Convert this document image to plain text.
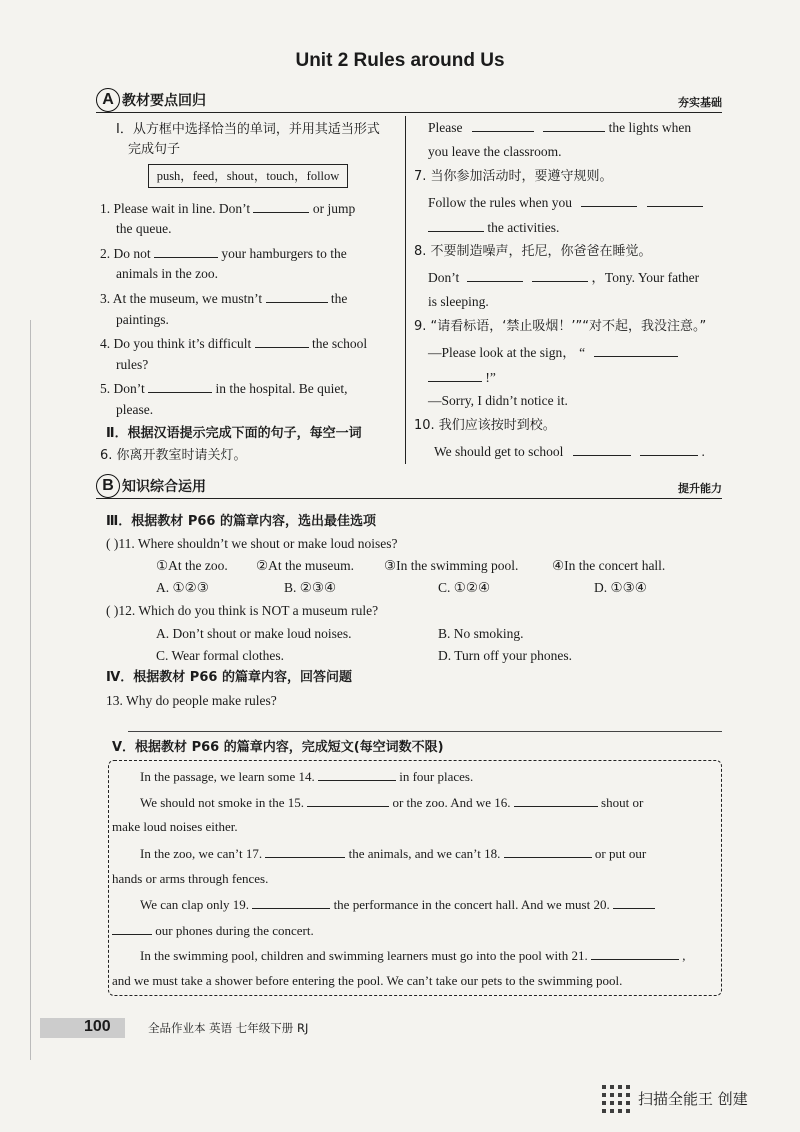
Unit 2 Rules around Us
A 教材要点回归	夯实基础
Ⅰ．从方框中选择恰当的单词，并用其适当形式
完成句子
push，feed，shout，touch，follow
1. Please wait in line. Don’t	or jump
the queue.
2. Do not	your hamburgers to the
animals in the zoo.
3. At the museum, we mustn’t	the
paintings.
4. Do you think it’s difficult	the school
rules?
5. Don’t	in the hospital. Be quiet,
please.
Ⅱ．根据汉语提示完成下面的句子，每空一词
6. 你离开教室时请关灯。
Please	the lights when
you leave the classroom.
7. 当你参加活动时，要遵守规则。
Follow the rules when you
the activities.
8. 不要制造噪声，托尼，你爸爸在睡觉。
Don’t	，Tony. Your father
is sleeping.
9. “请看标语，‘禁止吸烟！’”“对不起，我没注意。”
—Please look at the sign， “
!”
—Sorry, I didn’t notice it.
10. 我们应该按时到校。
We should get to school	.
B 知识综合运用	提升能力
Ⅲ．根据教材 P66 的篇章内容，选出最佳选项
( )11. Where shouldn’t we shout or make loud noises?
①At the zoo. ②At the museum. ③In the swimming pool. ④In the concert hall.
A. ①②③	B. ②③④	C. ①②④	D. ①③④
( )12. Which do you think is NOT a museum rule?
A. Don’t shout or make loud noises.	B. No smoking.
C. Wear formal clothes.	D. Turn off your phones.
Ⅳ．根据教材 P66 的篇章内容，回答问题
13. Why do people make rules?
Ⅴ．根据教材 P66 的篇章内容，完成短文(每空词数不限)
In the passage, we learn some 14.	in four places.
We should not smoke in the 15.	or the zoo. And we 16.	shout or
make loud noises either.
In the zoo, we can’t 17.	the animals, and we can’t 18.	or put our
hands or arms through fences.
We can clap only 19.	the performance in the concert hall. And we must 20.
our phones during the concert.
In the swimming pool, children and swimming learners must go into the pool with 21.	,
and we must take a shower before entering the pool. We can’t take our pets to the swimming pool.
100	全品作业本 英语 七年级下册 RJ
扫描全能王 创建
